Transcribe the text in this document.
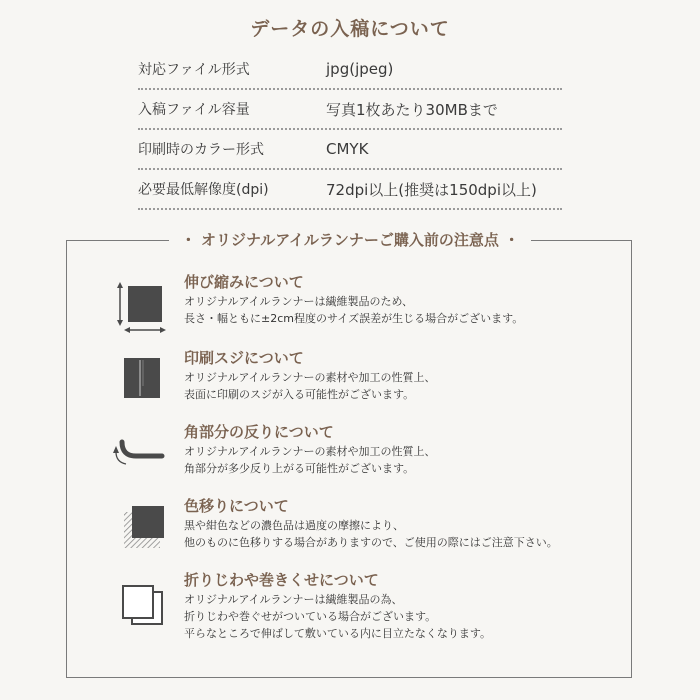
データの入稿について
対応ファイル形式	jpg(jpeg)
入稿ファイル容量	写真1枚あたり30MBまで
印刷時のカラー形式	CMYK
必要最低解像度(dpi)	72dpi以上(推奨は150dpi以上)
・ オリジナルアイルランナーご購入前の注意点 ・
伸び縮みについて
オリジナルアイルランナーは繊維製品のため、
長さ・幅ともに±2cm程度のサイズ誤差が生じる場合がございます。
印刷スジについて
オリジナルアイルランナーの素材や加工の性質上、
表面に印刷のスジが入る可能性がございます。
角部分の反りについて
オリジナルアイルランナーの素材や加工の性質上、
角部分が多少反り上がる可能性がございます。
色移りについて
黒や紺色などの濃色品は過度の摩擦により、
他のものに色移りする場合がありますので、ご使用の際にはご注意下さい。
折りじわや巻きくせについて
オリジナルアイルランナーは繊維製品の為、
折りじわや巻ぐせがついている場合がございます。
平らなところで伸ばして敷いている内に目立たなくなります。
